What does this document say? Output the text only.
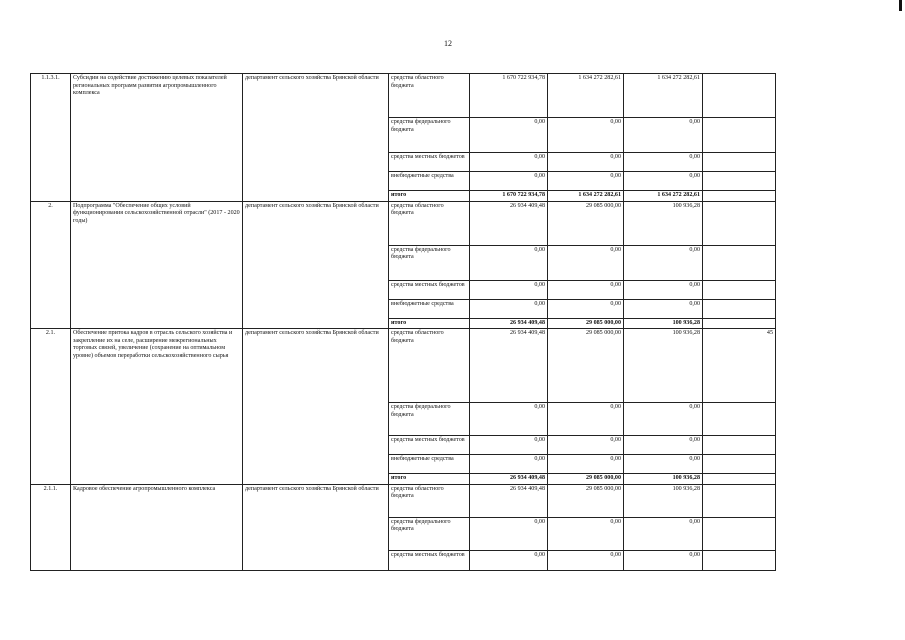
12
1.1.3.1.	Субсидии на содействие достижению целевых показателей региональных программ развития агропромышленного комплекса	департамент сельского хозяйства Брянской области	средства областного бюджета	1 670 722 934,78	1 634 272 282,61	1 634 272 282,61	
			средства федерального бюджета	0,00	0,00	0,00	
			средства местных бюджетов	0,00	0,00	0,00	
			внебюджетные средства	0,00	0,00	0,00	
			итого	1 670 722 934,78	1 634 272 282,61	1 634 272 282,61	
2.	Подпрограмма "Обеспечение общих условий функционирования сельскохозяйственной отрасли" (2017 - 2020 годы)	департамент сельского хозяйства Брянской области	средства областного бюджета	26 934 409,48	29 085 000,00	100 936,28	
			средства федерального бюджета	0,00	0,00	0,00	
			средства местных бюджетов	0,00	0,00	0,00	
			внебюджетные средства	0,00	0,00	0,00	
			итого	26 934 409,48	29 085 000,00	100 936,28	
2.1.	Обеспечение притока кадров в отрасль сельского хозяйства и закрепление их на селе, расширение межрегиональных торговых связей, увеличение (сохранение на оптимальном уровне) объемов переработки сельскохозяйственного сырья	департамент сельского хозяйства Брянской области	средства областного бюджета	26 934 409,48	29 085 000,00	100 936,28	45
			средства федерального бюджета	0,00	0,00	0,00	
			средства местных бюджетов	0,00	0,00	0,00	
			внебюджетные средства	0,00	0,00	0,00	
			итого	26 934 409,48	29 085 000,00	100 936,28	
2.1.1.	Кадровое обеспечение агропромышленного комплекса	департамент сельского хозяйства Брянской области	средства областного бюджета	26 934 409,48	29 085 000,00	100 936,28	
			средства федерального бюджета	0,00	0,00	0,00	
			средства местных бюджетов	0,00	0,00	0,00	
